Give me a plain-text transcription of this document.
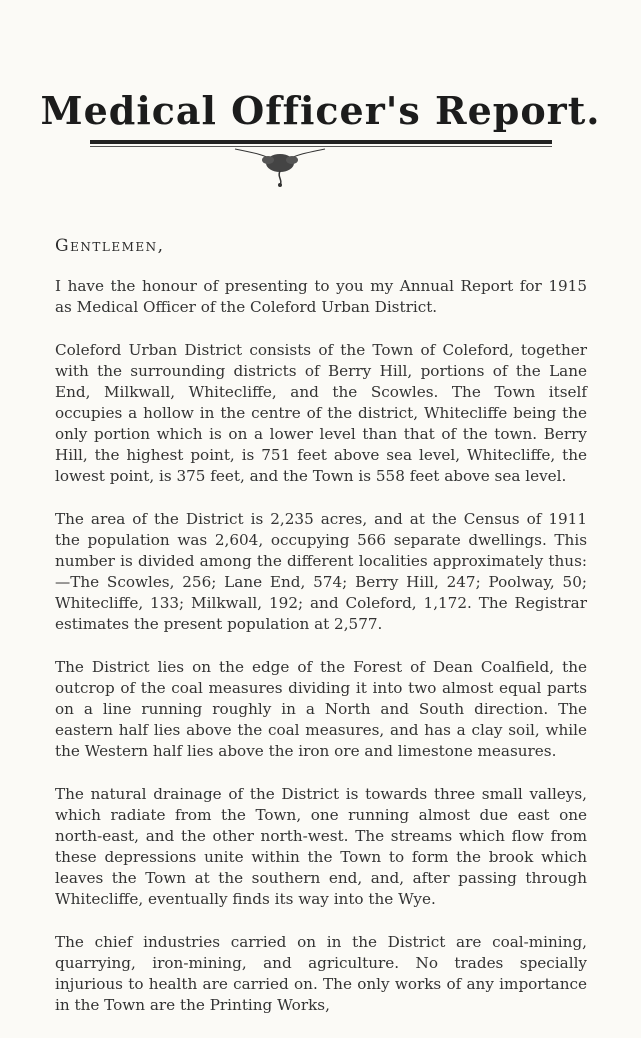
Medical Officer's Report.
Gentlemen,

I have the honour of presenting to you my Annual Report for 1915 as Medical Officer of the Coleford Urban District.

Coleford Urban District consists of the Town of Coleford, together with the surrounding districts of Berry Hill, portions of the Lane End, Milkwall, Whitecliffe, and the Scowles. The Town itself occupies a hollow in the centre of the district, Whitecliffe being the only portion which is on a lower level than that of the town. Berry Hill, the highest point, is 751 feet above sea level, Whitecliffe, the lowest point, is 375 feet, and the Town is 558 feet above sea level.

The area of the District is 2,235 acres, and at the Census of 1911 the population was 2,604, occupying 566 separate dwellings. This number is divided among the different localities approximately thus:—The Scowles, 256; Lane End, 574; Berry Hill, 247; Poolway, 50; Whitecliffe, 133; Milkwall, 192; and Coleford, 1,172. The Registrar estimates the present population at 2,577.

The District lies on the edge of the Forest of Dean Coalfield, the outcrop of the coal measures dividing it into two almost equal parts on a line running roughly in a North and South direction. The eastern half lies above the coal measures, and has a clay soil, while the Western half lies above the iron ore and limestone measures.

The natural drainage of the District is towards three small valleys, which radiate from the Town, one running almost due east one north-east, and the other north-west. The streams which flow from these depressions unite within the Town to form the brook which leaves the Town at the southern end, and, after passing through Whitecliffe, eventually finds its way into the Wye.

The chief industries carried on in the District are coal-mining, quarrying, iron-mining, and agriculture. No trades specially injurious to health are carried on. The only works of any importance in the Town are the Printing Works,
